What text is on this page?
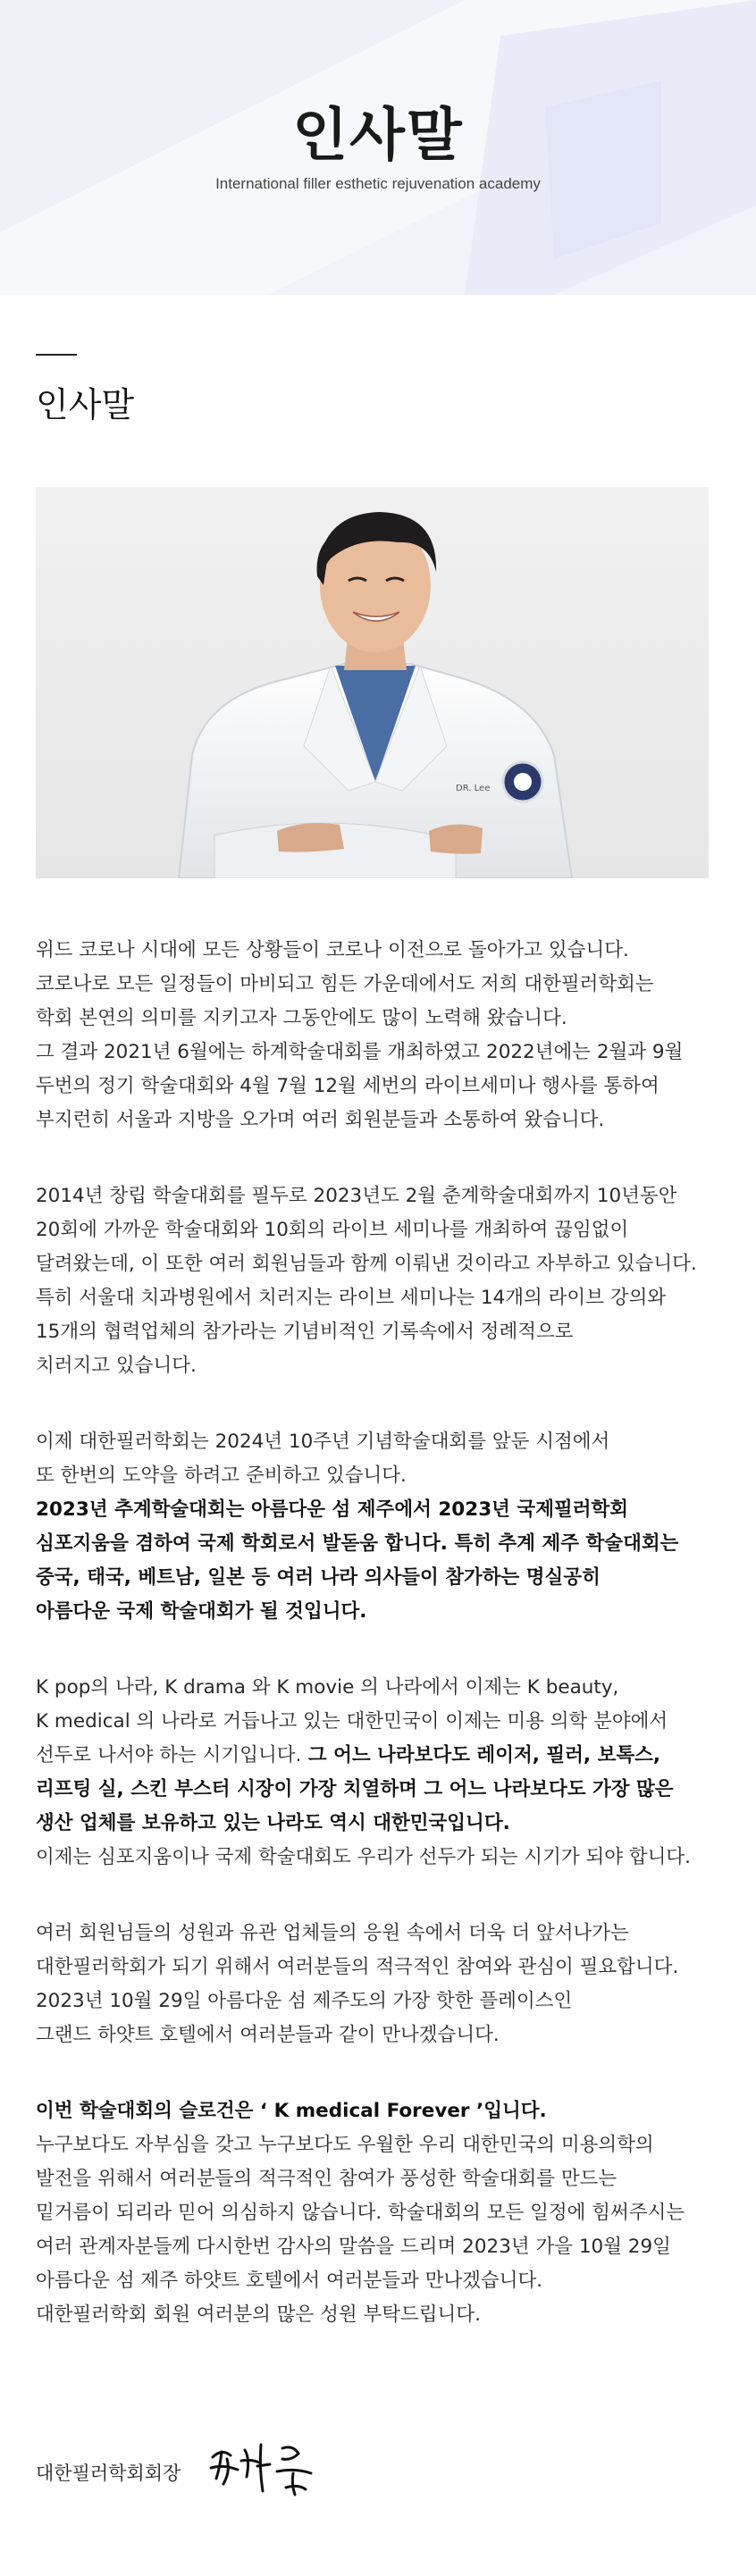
인사말
International filler esthetic rejuvenation academy
인사말
DR. Lee
위드 코로나 시대에 모든 상황들이 코로나 이전으로 돌아가고 있습니다.
코로나로 모든 일정들이 마비되고 힘든 가운데에서도 저희 대한필러학회는
학회 본연의 의미를 지키고자 그동안에도 많이 노력해 왔습니다.
그 결과 2021년 6월에는 하계학술대회를 개최하였고 2022년에는 2월과 9월
두번의 정기 학술대회와 4월 7월 12월 세번의 라이브세미나 행사를 통하여
부지런히 서울과 지방을 오가며 여러 회원분들과 소통하여 왔습니다.
2014년 창립 학술대회를 필두로 2023년도 2월 춘계학술대회까지 10년동안
20회에 가까운 학술대회와 10회의 라이브 세미나를 개최하여 끊임없이
달려왔는데, 이 또한 여러 회원님들과 함께 이뤄낸 것이라고 자부하고 있습니다.
특히 서울대 치과병원에서 치러지는 라이브 세미나는 14개의 라이브 강의와
15개의 협력업체의 참가라는 기념비적인 기록속에서 정례적으로
치러지고 있습니다.
이제 대한필러학회는 2024년 10주년 기념학술대회를 앞둔 시점에서
또 한번의 도약을 하려고 준비하고 있습니다.
2023년 추계학술대회는 아름다운 섬 제주에서 2023년 국제필러학회
심포지움을 겸하여 국제 학회로서 발돋움 합니다. 특히 추계 제주 학술대회는
중국, 태국, 베트남, 일본 등 여러 나라 의사들이 참가하는 명실공히
아름다운 국제 학술대회가 될 것입니다.
K pop의 나라, K drama 와 K movie 의 나라에서 이제는 K beauty,
K medical 의 나라로 거듭나고 있는 대한민국이 이제는 미용 의학 분야에서
선두로 나서야 하는 시기입니다. 그 어느 나라보다도 레이저, 필러, 보톡스,
리프팅 실, 스킨 부스터 시장이 가장 치열하며 그 어느 나라보다도 가장 많은
생산 업체를 보유하고 있는 나라도 역시 대한민국입니다.
이제는 심포지움이나 국제 학술대회도 우리가 선두가 되는 시기가 되야 합니다.
여러 회원님들의 성원과 유관 업체들의 응원 속에서 더욱 더 앞서나가는
대한필러학회가 되기 위해서 여러분들의 적극적인 참여와 관심이 필요합니다.
2023년 10월 29일 아름다운 섬 제주도의 가장 핫한 플레이스인
그랜드 하얏트 호텔에서 여러분들과 같이 만나겠습니다.
이번 학술대회의 슬로건은 ‘ K medical Forever ’입니다.
누구보다도 자부심을 갖고 누구보다도 우월한 우리 대한민국의 미용의학의
발전을 위해서 여러분들의 적극적인 참여가 풍성한 학술대회를 만드는
밑거름이 되리라 믿어 의심하지 않습니다. 학술대회의 모든 일정에 힘써주시는
여러 관계자분들께 다시한번 감사의 말씀을 드리며 2023년 가을 10월 29일
아름다운 섬 제주 하얏트 호텔에서 여러분들과 만나겠습니다.
대한필러학회 회원 여러분의 많은 성원 부탁드립니다.
대한필러학회회장
